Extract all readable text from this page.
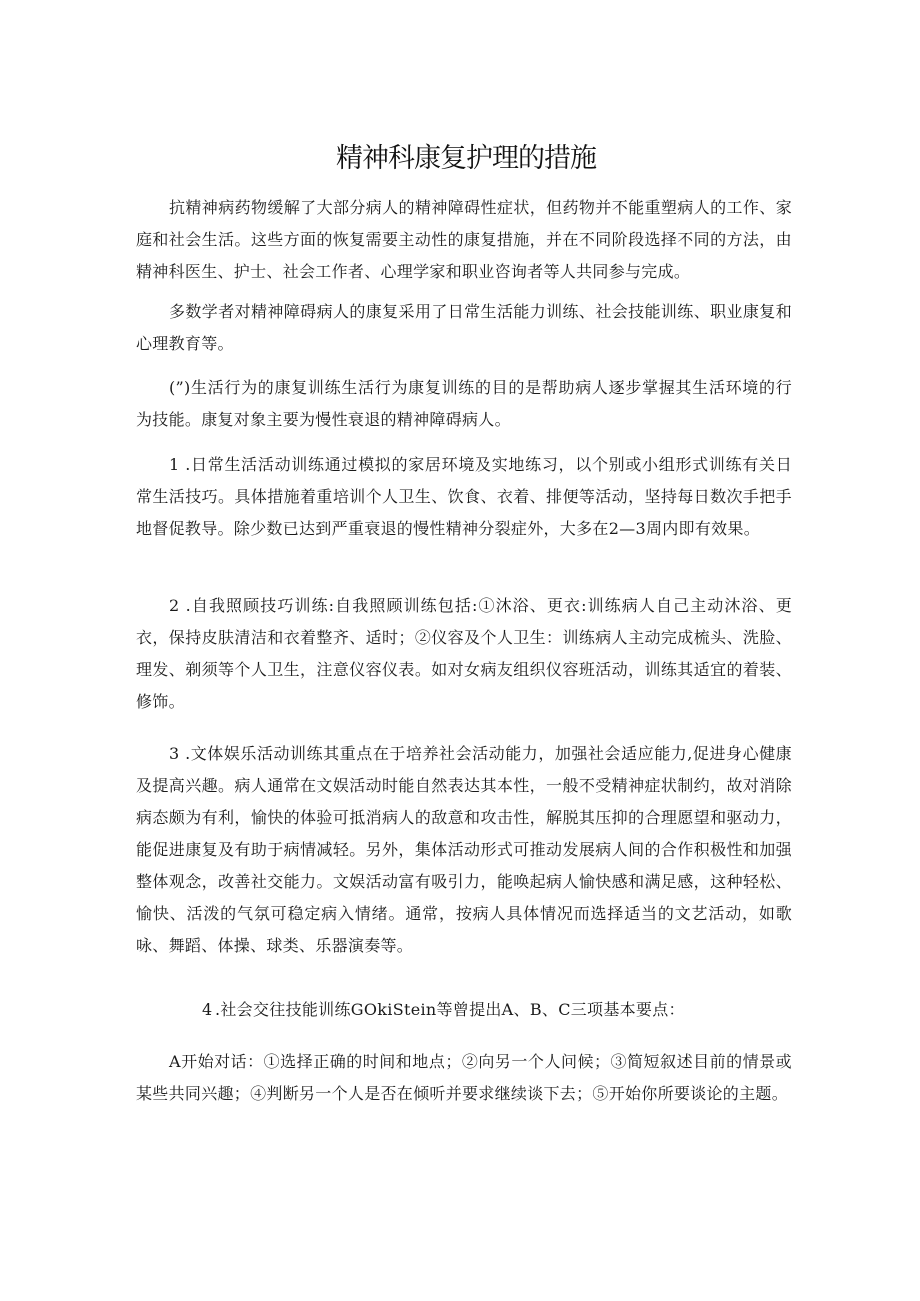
精神科康复护理的措施

抗精神病药物缓解了大部分病人的精神障碍性症状，但药物并不能重塑病人的工作、家庭和社会生活。这些方面的恢复需要主动性的康复措施，并在不同阶段选择不同的方法，由精神科医生、护士、社会工作者、心理学家和职业咨询者等人共同参与完成。

多数学者对精神障碍病人的康复采用了日常生活能力训练、社会技能训练、职业康复和心理教育等。

(”)生活行为的康复训练生活行为康复训练的目的是帮助病人逐步掌握其生活环境的行为技能。康复对象主要为慢性衰退的精神障碍病人。

1 .日常生活活动训练通过模拟的家居环境及实地练习，以个别或小组形式训练有关日常生活技巧。具体措施着重培训个人卫生、饮食、衣着、排便等活动，坚持每日数次手把手地督促教导。除少数已达到严重衰退的慢性精神分裂症外，大多在2—3周内即有效果。

2 .自我照顾技巧训练:自我照顾训练包括:①沐浴、更衣:训练病人自己主动沐浴、更衣，保持皮肤清洁和衣着整齐、适时；②仪容及个人卫生：训练病人主动完成梳头、洗脸、理发、剃须等个人卫生，注意仪容仪表。如对女病友组织仪容班活动，训练其适宜的着装、修饰。

3 .文体娱乐活动训练其重点在于培养社会活动能力，加强社会适应能力,促进身心健康及提高兴趣。病人通常在文娱活动时能自然表达其本性，一般不受精神症状制约，故对消除病态颇为有利，愉快的体验可抵消病人的敌意和攻击性，解脱其压抑的合理愿望和驱动力，能促进康复及有助于病情减轻。另外，集体活动形式可推动发展病人间的合作积极性和加强整体观念，改善社交能力。文娱活动富有吸引力，能唤起病人愉快感和满足感，这种轻松、愉快、活泼的气氛可稳定病入情绪。通常，按病人具体情况而选择适当的文艺活动，如歌咏、舞蹈、体操、球类、乐器演奏等。

4 .社会交往技能训练GOkiStein等曾提出A、B、C三项基本要点：

A开始对话：①选择正确的时间和地点；②向另一个人问候；③简短叙述目前的情景或某些共同兴趣；④判断另一个人是否在倾听并要求继续谈下去；⑤开始你所要谈论的主题。
